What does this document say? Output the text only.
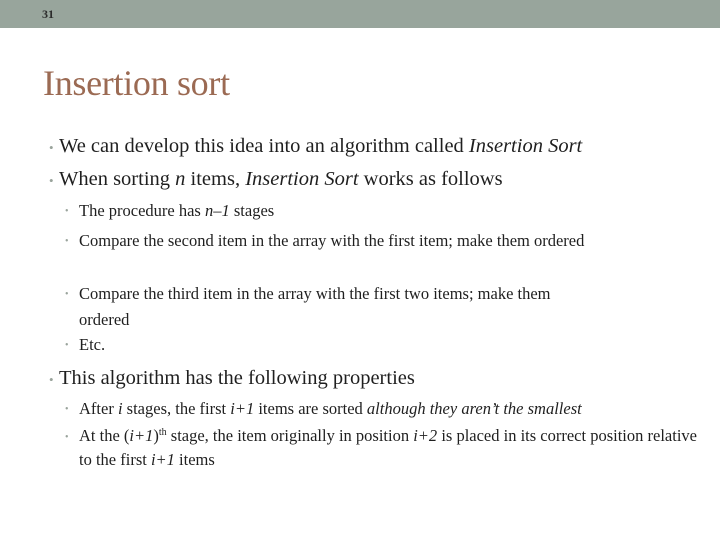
31
Insertion sort
• We can develop this idea into an algorithm called Insertion Sort
• When sorting n items, Insertion Sort works as follows
• The procedure has n–1 stages
• Compare the second item in the array with the first item; make them ordered
• Compare the third item in the array with the first two items; make them ordered
• Etc.
• This algorithm has the following properties
• After i stages, the first i+1 items are sorted although they aren’t the smallest
• At the $(i+1)^{th}$ stage, the item originally in position i+2 is placed in its correct position relative to the first i+1 items
